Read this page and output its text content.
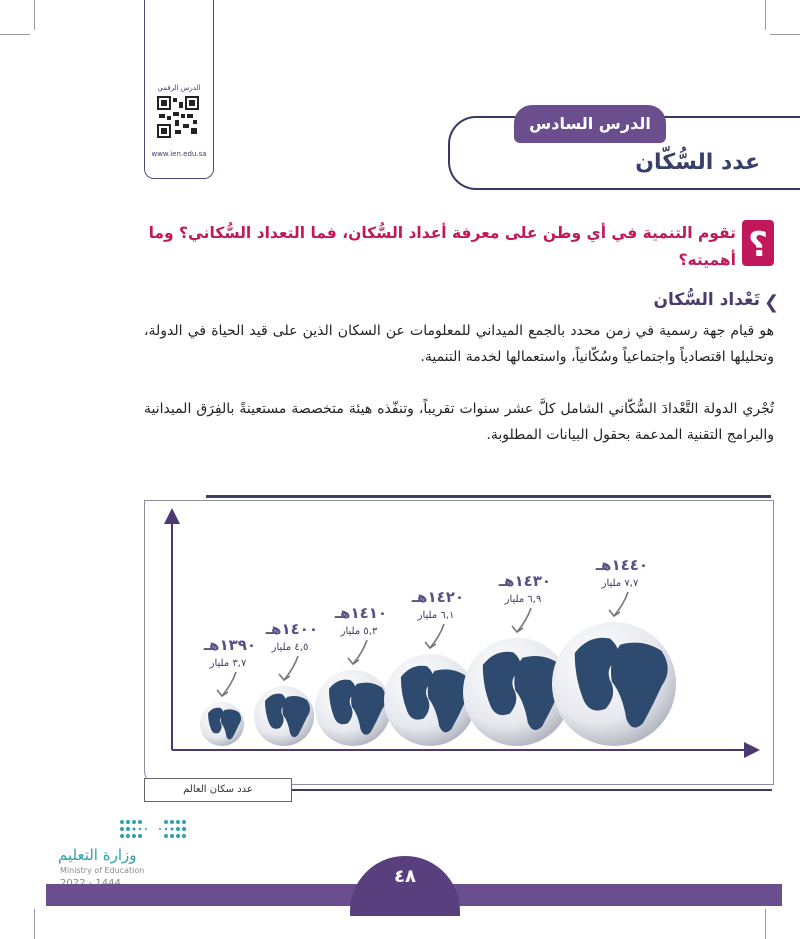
الدرس الرقمي
www.ien.edu.sa
الدرس السادس
عدد السُّكّان
؟
تقوم التنمية في أي وطن على معرفة أعداد السُّكان، فما التعداد السُّكاني؟ وما أهميته؟
❮
تَعْداد السُّكان
هو قيام جهة رسمية في زمن محدد بالجمع الميداني للمعلومات عن السكان الذين على قيد الحياة في الدولة، وتحليلها اقتصادياً واجتماعياً وسُكّانياً، واستعمالها لخدمة التنمية.
تُجْري الدولة التَّعْدادَ السُّكّاني الشامل كلَّ عشر سنوات تقريباً، وتنفّذه هيئة متخصصة مستعينةً بالفِرَق الميدانية والبرامج التقنية المدعمة بحقول البيانات المطلوبة.
١٣٩٠هـ
٣,٧ مليار
١٤٠٠هـ
٤,٥ مليار
١٤١٠هـ
٥,٣ مليار
١٤٢٠هـ
٦,١ مليار
١٤٣٠هـ
٦,٩ مليار
١٤٤٠هـ
٧,٧ مليار
عدد سكان العالم
وزارة التعليم
Ministry of Education	٤٨
